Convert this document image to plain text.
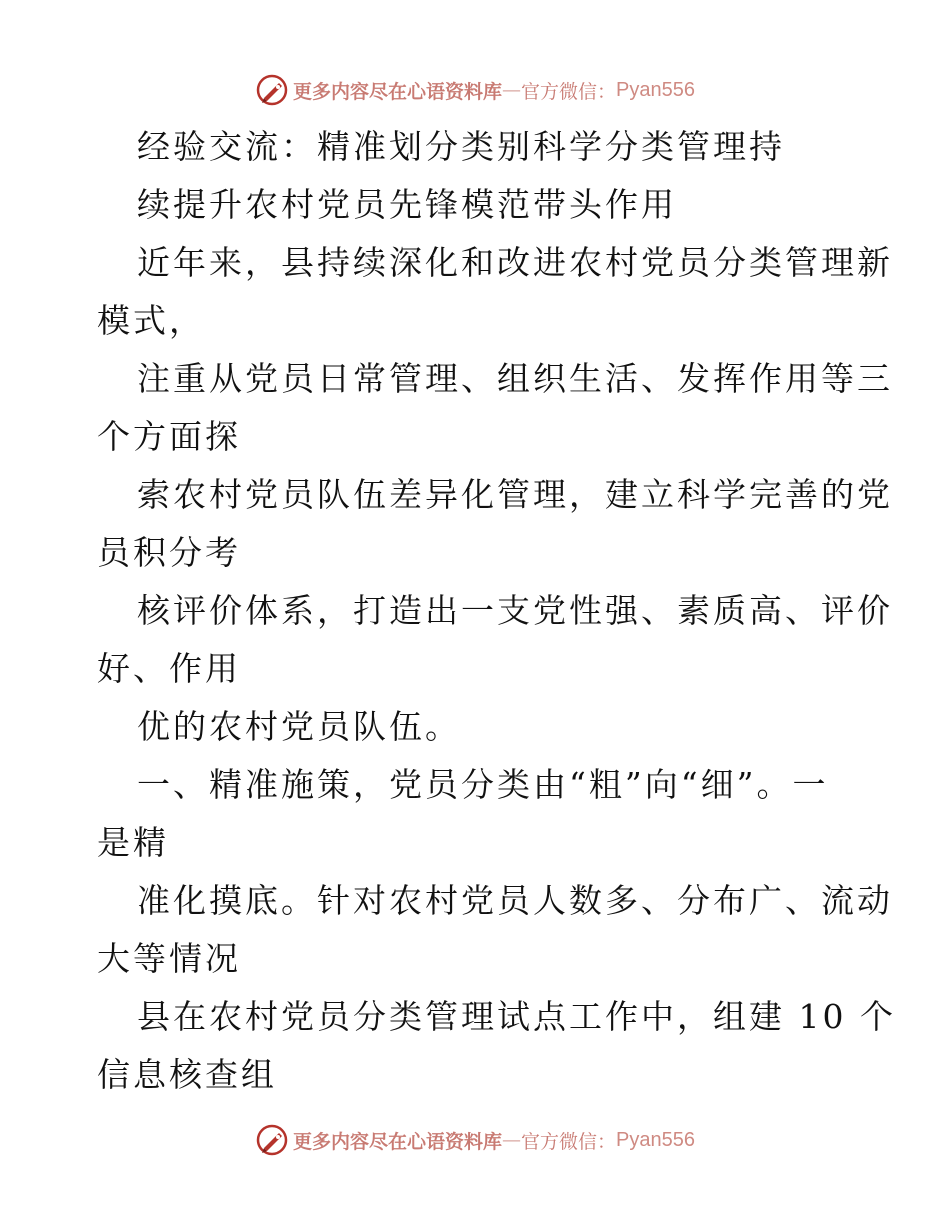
更多内容尽在心语资料库 — 官方微信： Pyan556
经验交流：精准划分类别科学分类管理持
续提升农村党员先锋模范带头作用
近年来，县持续深化和改进农村党员分类管理新
模式，
注重从党员日常管理、组织生活、发挥作用等三
个方面探
索农村党员队伍差异化管理，建立科学完善的党
员积分考
核评价体系，打造出一支党性强、素质高、评价
好、作用
优的农村党员队伍。
一、精准施策，党员分类由“粗”向“细”。一
是精
准化摸底。针对农村党员人数多、分布广、流动
大等情况
县在农村党员分类管理试点工作中，组建 10 个
信息核查组
更多内容尽在心语资料库 — 官方微信： Pyan556
